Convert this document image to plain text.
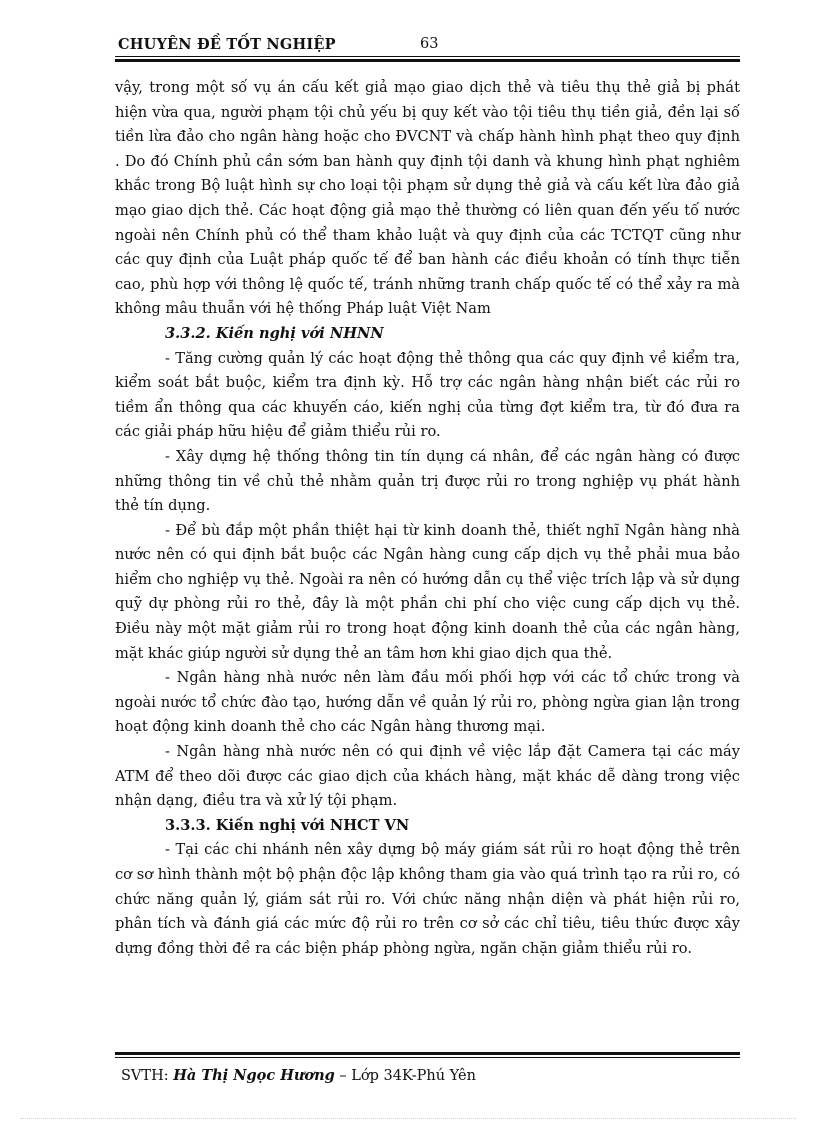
CHUYÊN ĐỀ TỐT NGHIỆP	63

vậy, trong một số vụ án cấu kết giả mạo giao dịch thẻ và tiêu thụ thẻ giả bị phát hiện vừa qua, người phạm tội chủ yếu bị quy kết vào tội tiêu thụ tiền giả, đền lại số tiền lừa đảo cho ngân hàng hoặc cho ĐVCNT và chấp hành hình phạt theo quy định . Do đó Chính phủ cần sớm ban hành quy định tội danh và khung hình phạt nghiêm khắc trong Bộ luật hình sự cho loại tội phạm sử dụng thẻ giả và cấu kết lừa đảo giả mạo giao dịch thẻ. Các hoạt động giả mạo thẻ thường có liên quan đến yếu tố nước ngoài nên Chính phủ có thể tham khảo luật và quy định của các TCTQT cũng như các quy định của Luật pháp quốc tế để ban hành các điều khoản có tính thực tiễn cao, phù hợp với thông lệ quốc tế, tránh những tranh chấp quốc tế có thể xảy ra mà không mâu thuẫn với hệ thống Pháp luật Việt Nam

3.3.2. Kiến nghị với NHNN

- Tăng cường quản lý các hoạt động thẻ thông qua các quy định về kiểm tra, kiểm soát bắt buộc, kiểm tra định kỳ. Hỗ trợ các ngân hàng nhận biết các rủi ro tiềm ẩn thông qua các khuyến cáo, kiến nghị của từng đợt kiểm tra, từ đó đưa ra các giải pháp hữu hiệu để giảm thiểu rủi ro.

- Xây dựng hệ thống thông tin tín dụng cá nhân, để các ngân hàng có được những thông tin về chủ thẻ nhằm quản trị được rủi ro trong nghiệp vụ phát hành thẻ tín dụng.

- Để bù đắp một phần thiệt hại từ kinh doanh thẻ, thiết nghĩ Ngân hàng nhà nước nên có qui định bắt buộc các Ngân hàng cung cấp dịch vụ thẻ phải mua bảo hiểm cho nghiệp vụ thẻ. Ngoài ra nên có hướng dẫn cụ thể việc trích lập và sử dụng quỹ dự phòng rủi ro thẻ, đây là một phần chi phí cho việc cung cấp dịch vụ thẻ. Điều này một mặt giảm rủi ro trong hoạt động kinh doanh thẻ của các ngân hàng, mặt khác giúp người sử dụng thẻ an tâm hơn khi giao dịch qua thẻ.

- Ngân hàng nhà nước nên làm đầu mối phối hợp với các tổ chức trong và ngoài nước tổ chức đào tạo, hướng dẫn về quản lý rủi ro, phòng ngừa gian lận trong hoạt động kinh doanh thẻ cho các Ngân hàng thương mại.

- Ngân hàng nhà nước nên có qui định về việc lắp đặt Camera tại các máy ATM để theo dõi được các giao dịch của khách hàng, mặt khác dễ dàng trong việc nhận dạng, điều tra và xử lý tội phạm.

3.3.3. Kiến nghị với NHCT VN

- Tại các chi nhánh nên xây dựng bộ máy giám sát rủi ro hoạt động thẻ trên cơ sơ hình thành một bộ phận độc lập không tham gia vào quá trình tạo ra rủi ro, có chức năng quản lý, giám sát rủi ro. Với chức năng nhận diện và phát hiện rủi ro, phân tích và đánh giá các mức độ rủi ro trên cơ sở các chỉ tiêu, tiêu thức được xây dựng đồng thời đề ra các biện pháp phòng ngừa, ngăn chặn giảm thiểu rủi ro.

SVTH: Hà Thị Ngọc Hương – Lớp 34K-Phú Yên
